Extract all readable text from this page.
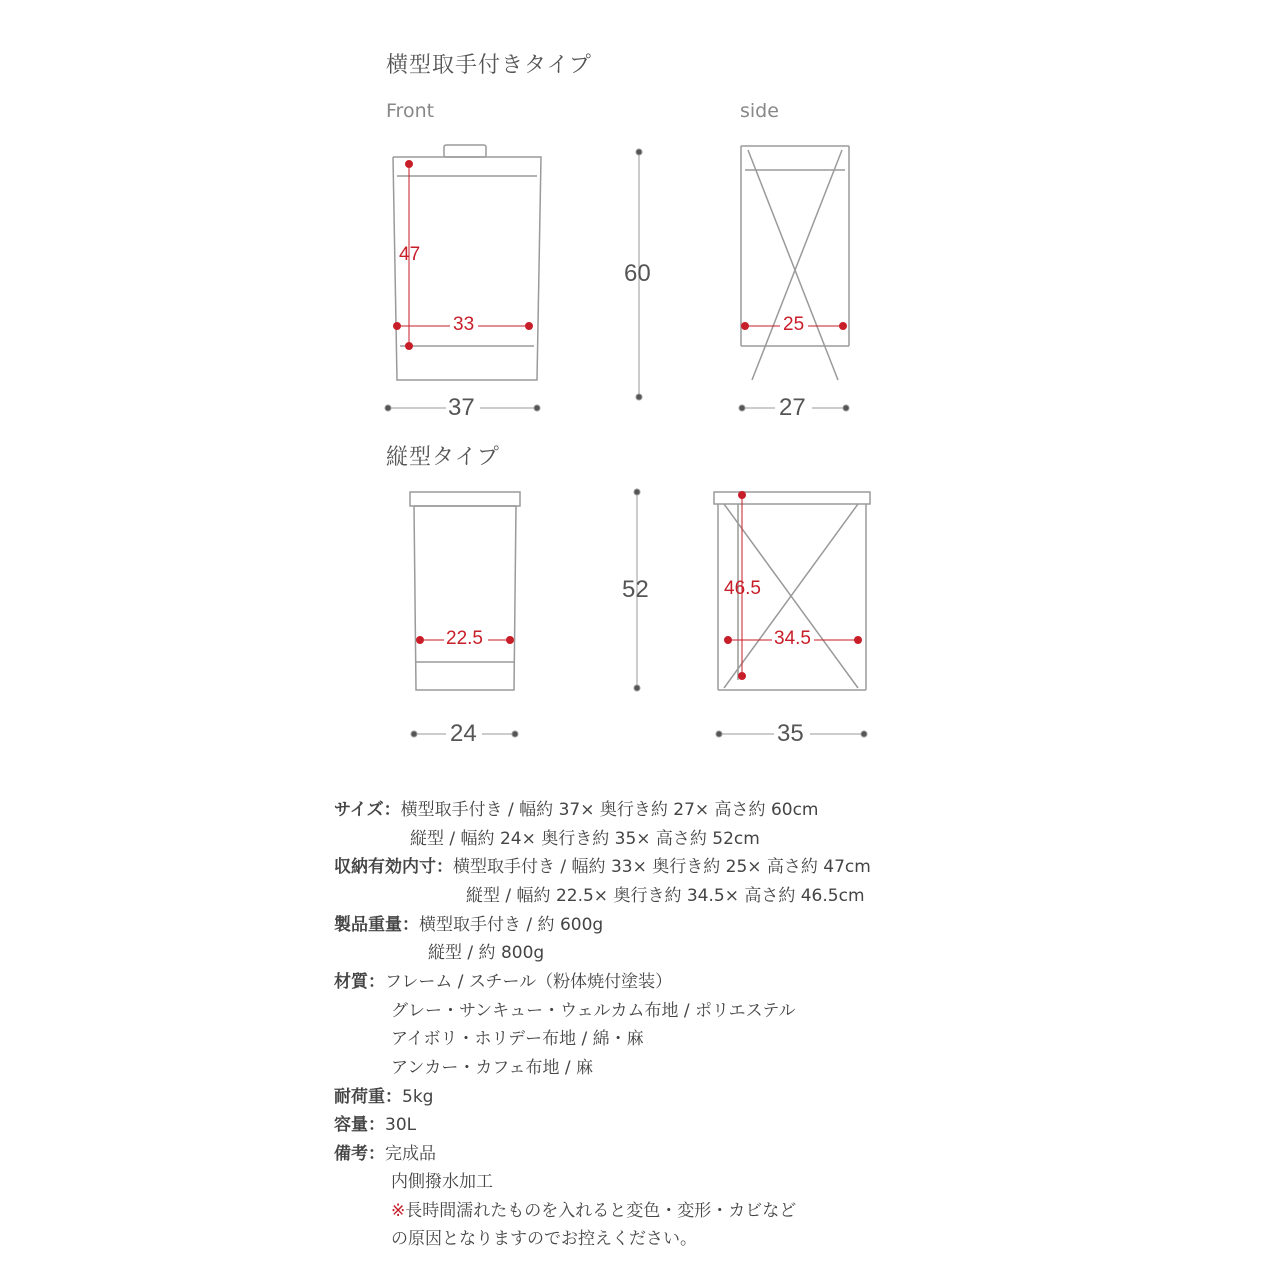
横型取手付きタイプ
Front	side
縦型タイプ
60
37	27
52
24	35
47
33	25
22.5
46.5
34.5
サイズ：横型取手付き / 幅約 37× 奥行き約 27× 高さ約 60cm
縦型 / 幅約 24× 奥行き約 35× 高さ約 52cm
収納有効内寸：横型取手付き / 幅約 33× 奥行き約 25× 高さ約 47cm
縦型 / 幅約 22.5× 奥行き約 34.5× 高さ約 46.5cm
製品重量：横型取手付き / 約 600g
縦型 / 約 800g
材質：フレーム / スチール（粉体焼付塗装）
グレー・サンキュー・ウェルカム布地 / ポリエステル
アイボリ・ホリデー布地 / 綿・麻
アンカー・カフェ布地 / 麻
耐荷重：5kg
容量：30L
備考：完成品
内側撥水加工
※長時間濡れたものを入れると変色・変形・カビなど
の原因となりますのでお控えください。
